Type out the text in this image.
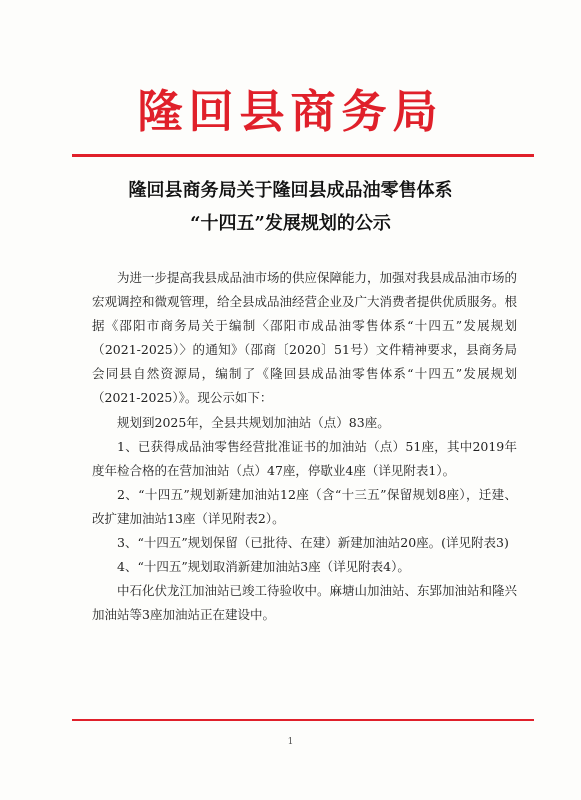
隆回县商务局
隆回县商务局关于隆回县成品油零售体系
“十四五”发展规划的公示

为进一步提高我县成品油市场的供应保障能力，加强对我县成品油市场的宏观调控和微观管理，给全县成品油经营企业及广大消费者提供优质服务。根据《邵阳市商务局关于编制〈邵阳市成品油零售体系“十四五”发展规划（2021-2025）〉的通知》（邵商〔2020〕51号）文件精神要求，县商务局会同县自然资源局，编制了《隆回县成品油零售体系“十四五”发展规划（2021-2025）》。现公示如下：

规划到2025年，全县共规划加油站（点）83座。

1、已获得成品油零售经营批准证书的加油站（点）51座，其中2019年度年检合格的在营加油站（点）47座，停歇业4座（详见附表1）。

2、“十四五”规划新建加油站12座（含“十三五”保留规划8座），迁建、改扩建加油站13座（详见附表2）。

3、“十四五”规划保留（已批待、在建）新建加油站20座。(详见附表3)

4、“十四五”规划取消新建加油站3座（详见附表4）。

中石化伏龙江加油站已竣工待验收中。麻塘山加油站、东郢加油站和隆兴加油站等3座加油站正在建设中。

1
